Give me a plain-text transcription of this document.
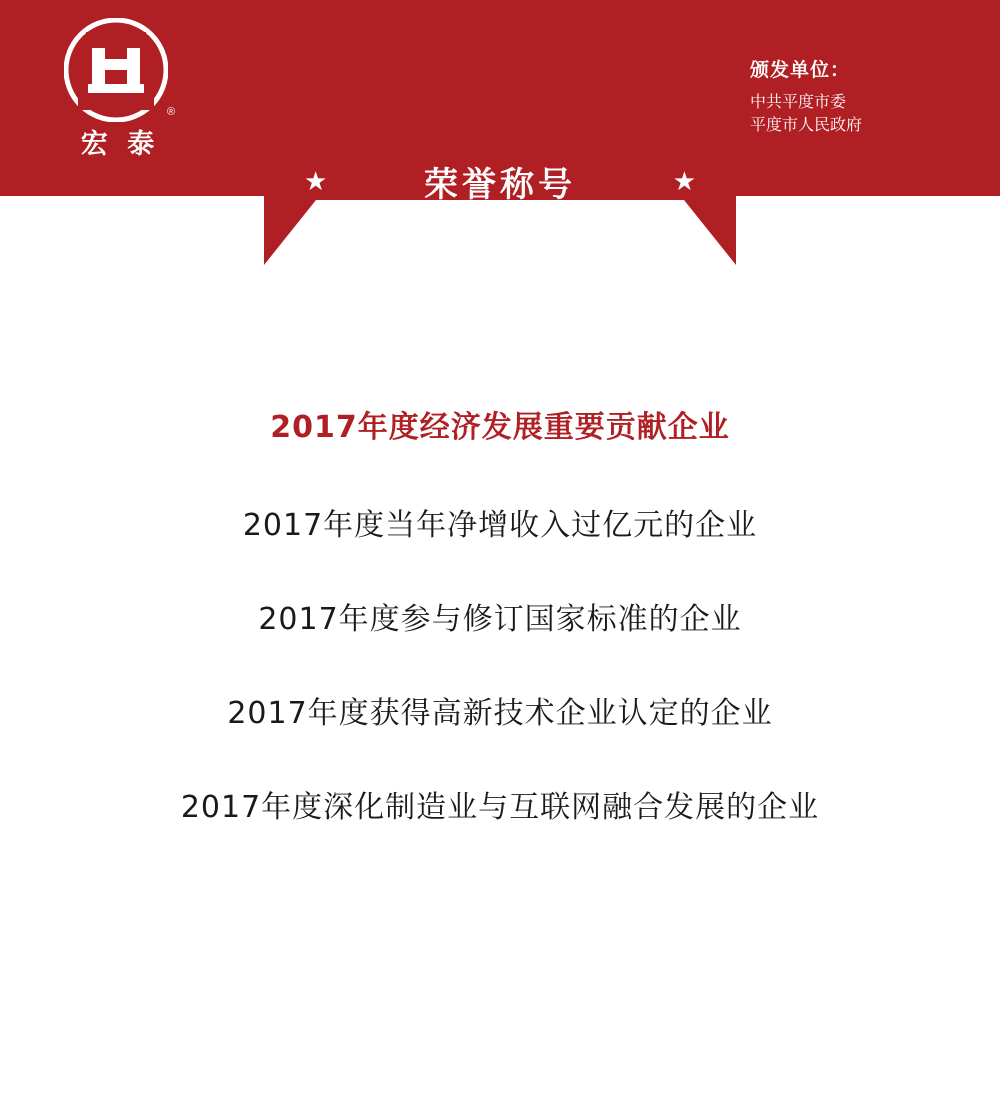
®
宏 泰
颁发单位：
中共平度市委
平度市人民政府
★	★
荣誉称号
2017年度经济发展重要贡献企业
2017年度当年净增收入过亿元的企业
2017年度参与修订国家标准的企业
2017年度获得高新技术企业认定的企业
2017年度深化制造业与互联网融合发展的企业
